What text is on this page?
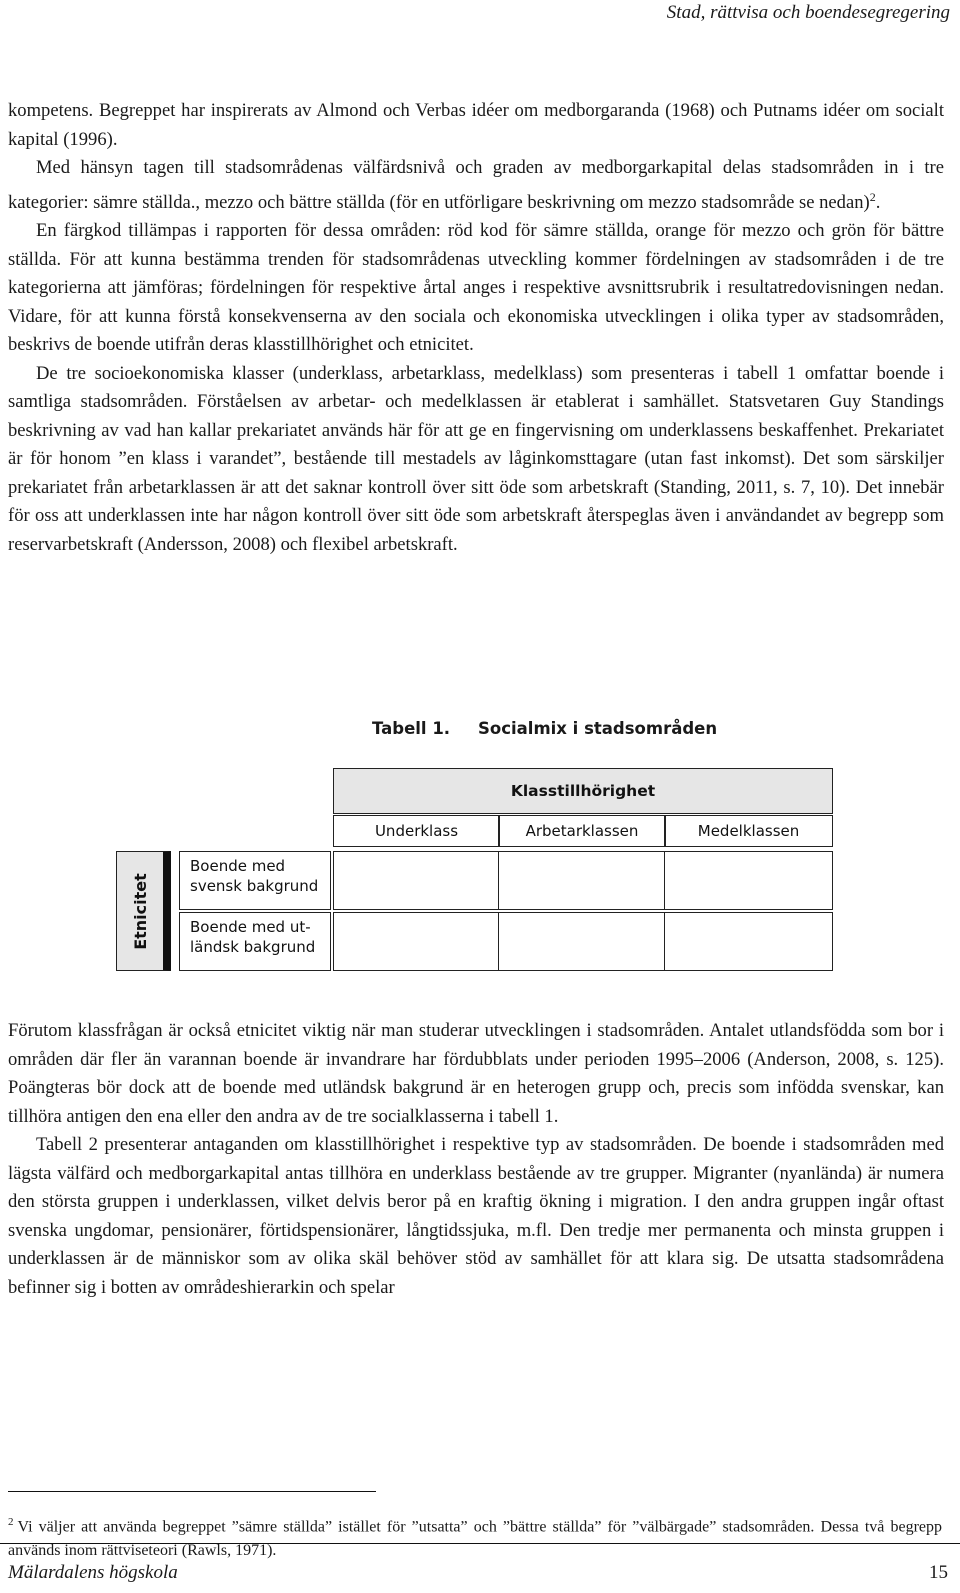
Stad, rättvisa och boendesegregering

kompetens. Begreppet har inspirerats av Almond och Verbas idéer om medborgaranda (1968) och Putnams idéer om socialt kapital (1996).

Med hänsyn tagen till stadsområdenas välfärdsnivå och graden av medborgarkapital delas stadsområden in i tre kategorier: sämre ställda., mezzo och bättre ställda (för en utförligare beskrivning om mezzo stadsområde se nedan)$^2$.

En färgkod tillämpas i rapporten för dessa områden: röd kod för sämre ställda, orange för mezzo och grön för bättre ställda. För att kunna bestämma trenden för stadsområdenas utveckling kommer fördelningen av stadsområden i de tre kategorierna att jämföras; fördelningen för respektive årtal anges i respektive avsnittsrubrik i resultatredovisningen nedan. Vidare, för att kunna förstå konsekvenserna av den sociala och ekonomiska utvecklingen i olika typer av stadsområden, beskrivs de boende utifrån deras klasstillhörighet och etnicitet.

De tre socioekonomiska klasser (underklass, arbetarklass, medelklass) som presenteras i tabell 1 omfattar boende i samtliga stadsområden. Förståelsen av arbetar- och medelklassen är etablerat i samhället. Statsvetaren Guy Standings beskrivning av vad han kallar prekariatet används här för att ge en fingervisning om underklassens beskaffenhet. Prekariatet är för honom ”en klass i varandet”, bestående till mestadels av låginkomsttagare (utan fast inkomst). Det som särskiljer prekariatet från arbetarklassen är att det saknar kontroll över sitt öde som arbetskraft (Standing, 2011, s. 7, 10). Det innebär för oss att underklassen inte har någon kontroll över sitt öde som arbetskraft återspeglas även i användandet av begrepp som reservarbetskraft (Andersson, 2008) och flexibel arbetskraft.

Tabell 1. Socialmix i stadsområden
Klasstillhörighet
Underklass	Arbetarklassen	Medelklassen
Etnicitet
Boende med svensk bakgrund
Boende med ut-ländsk bakgrund

Förutom klassfrågan är också etnicitet viktig när man studerar utvecklingen i stadsområden. Antalet utlandsfödda som bor i områden där fler än varannan boende är invandrare har fördubblats under perioden 1995–2006 (Anderson, 2008, s. 125). Poängteras bör dock att de boende med utländsk bakgrund är en heterogen grupp och, precis som infödda svenskar, kan tillhöra antigen den ena eller den andra av de tre socialklasserna i tabell 1.

Tabell 2 presenterar antaganden om klasstillhörighet i respektive typ av stadsområden. De boende i stadsområden med lägsta välfärd och medborgarkapital antas tillhöra en underklass bestående av tre grupper. Migranter (nyanlända) är numera den största gruppen i underklassen, vilket delvis beror på en kraftig ökning i migration. I den andra gruppen ingår oftast svenska ungdomar, pensionärer, förtidspensionärer, långtidssjuka, m.fl. Den tredje mer permanenta och minsta gruppen i underklassen är de människor som av olika skäl behöver stöd av samhället för att klara sig. De utsatta stadsområdena befinner sig i botten av områdeshierarkin och spelar

$^2$ Vi väljer att använda begreppet ”sämre ställda” istället för ”utsatta” och ”bättre ställda” för ”välbärgade” stadsområden. Dessa två begrepp används inom rättviseteori (Rawls, 1971).

Mälardalens högskola	15
